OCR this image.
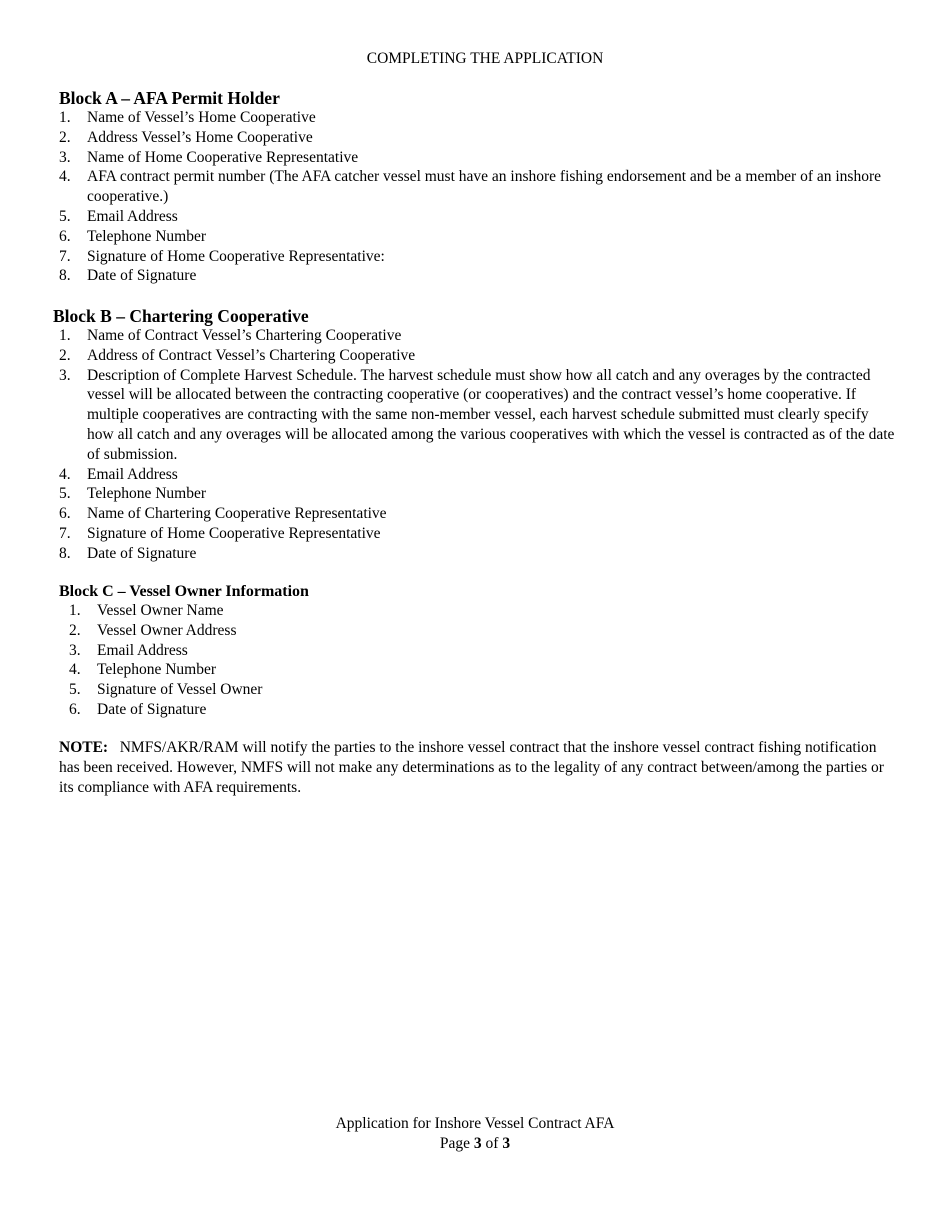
COMPLETING THE APPLICATION
Block A – AFA Permit Holder
1.	Name of Vessel’s Home Cooperative
2.	Address Vessel’s Home Cooperative
3.	Name of Home Cooperative Representative
4.	AFA contract permit number (The AFA catcher vessel must have an inshore fishing endorsement and be a member of an inshore cooperative.)
5.	Email Address
6.	Telephone Number
7.	Signature of Home Cooperative Representative:
8.	Date of Signature
Block B – Chartering Cooperative
1.	Name of Contract Vessel’s Chartering Cooperative
2.	Address of Contract Vessel’s Chartering Cooperative
3.	Description of Complete Harvest Schedule. The harvest schedule must show how all catch and any overages by the contracted vessel will be allocated between the contracting cooperative (or cooperatives) and the contract vessel’s home cooperative. If multiple cooperatives are contracting with the same non-member vessel, each harvest schedule submitted must clearly specify how all catch and any overages will be allocated among the various cooperatives with which the vessel is contracted as of the date of submission.
4.	Email Address
5.	Telephone Number
6.	Name of Chartering Cooperative Representative
7.	Signature of Home Cooperative Representative
8.	Date of Signature
Block C – Vessel Owner Information
1.	Vessel Owner Name
2.	Vessel Owner Address
3.	Email Address
4.	Telephone Number
5.	Signature of Vessel Owner
6.	Date of Signature
NOTE: NMFS/AKR/RAM will notify the parties to the inshore vessel contract that the inshore vessel contract fishing notification has been received. However, NMFS will not make any determinations as to the legality of any contract between/among the parties or its compliance with AFA requirements.
Application for Inshore Vessel Contract AFA
Page 3 of 3
